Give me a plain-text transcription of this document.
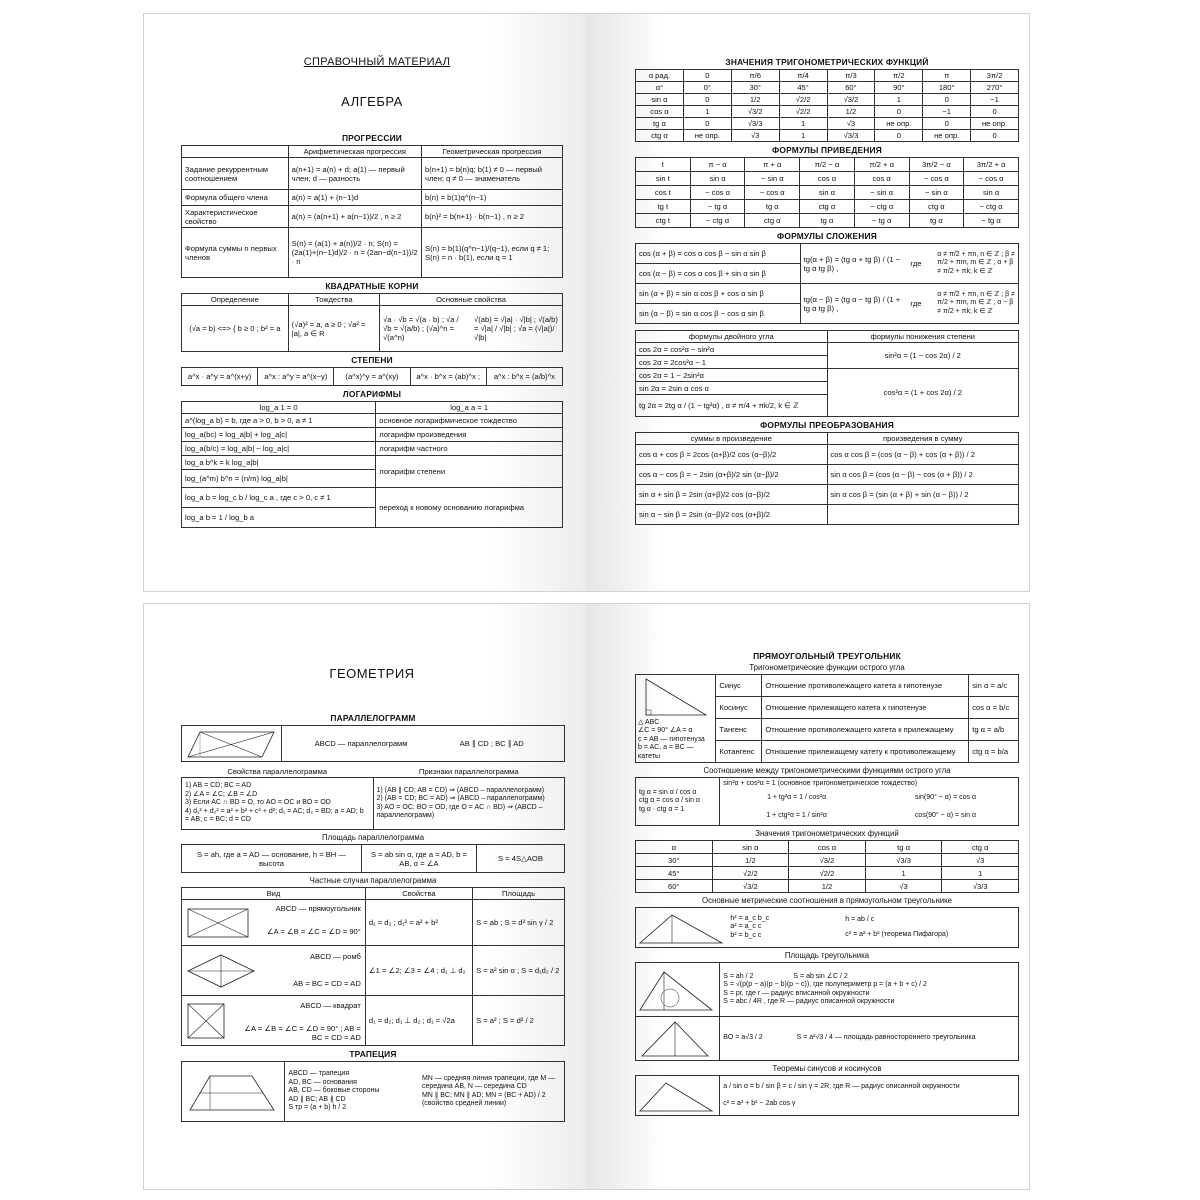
СПРАВОЧНЫЙ МАТЕРИАЛ
АЛГЕБРА
ПРОГРЕССИИ
	Арифметическая прогрессия	Геометрическая прогрессия
Задание рекуррентным соотношением	a(n+1) = a(n) + d; a(1) — первый член; d — разность	b(n+1) = b(n)q; b(1) ≠ 0 — первый член; q ≠ 0 — знаменатель
Формула общего члена	a(n) = a(1) + (n−1)d	b(n) = b(1)q^(n−1)
Характеристическое свойство	a(n) = (a(n+1) + a(n−1))/2 , n ≥ 2	b(n)² = b(n+1) · b(n−1) , n ≥ 2
Формула суммы n первых членов	S(n) = (a(1) + a(n))/2 · n; S(n) = (2a(1)+(n−1)d)/2 · n = (2an−d(n−1))/2 · n	S(n) = b(1)(q^n−1)/(q−1), если q ≠ 1; S(n) = n · b(1), если q = 1
КВАДРАТНЫЕ КОРНИ
Определение	Тождества	Основные свойства	
(√a = b) <=> { b ≥ 0 ; b² = a	(√a)² = a, a ≥ 0 ; √a² = |a|, a ∈ R	√a · √b = √(a · b) ; √a / √b = √(a/b) ; (√a)^n = √(a^n)	√(ab) = √|a| · √|b| ; √(a/b) = √|a| / √|b| ; √a = (√|a|)/√|b|
СТЕПЕНИ
a^x · a^y = a^(x+y)	a^x : a^y = a^(x−y)	(a^x)^y = a^(xy)	a^x · b^x = (ab)^x ;	a^x : b^x = (a/b)^x
ЛОГАРИФМЫ
log_a 1 = 0	log_a a = 1
a^(log_a b) = b, где a > 0, b > 0, a ≠ 1	основное логарифмическое тождество
log_a(bc) = log_a|b| + log_a|c|	логарифм произведения
log_a(b/c) = log_a|b| − log_a|c|	логарифм частного
log_a b^k = k log_a|b|	логарифм степени
log_(a^m) b^n = (n/m) log_a|b|	
log_a b = log_c b / log_c a , где c > 0, c ≠ 1	переход к новому основанию логарифма
log_a b = 1 / log_b a	
ЗНАЧЕНИЯ ТРИГОНОМЕТРИЧЕСКИХ ФУНКЦИЙ
α рад.	0	π/6	π/4	π/3	π/2	π	3π/2
α°	0°	30°	45°	60°	90°	180°	270°
sin α	0	1/2	√2/2	√3/2	1	0	−1
cos α	1	√3/2	√2/2	1/2	0	−1	0
tg α	0	√3/3	1	√3	не опр.	0	не опр.
ctg α	не опр.	√3	1	√3/3	0	не опр.	0
ФОРМУЛЫ ПРИВЕДЕНИЯ
t	π − α	π + α	π/2 − α	π/2 + α	3π/2 − α	3π/2 + α
sin t	sin α	− sin α	cos α	cos α	− cos α	− cos α
cos t	− cos α	− cos α	sin α	− sin α	− sin α	sin α
tg t	− tg α	tg α	ctg α	− ctg α	ctg α	− ctg α
ctg t	− ctg α	ctg α	tg α	− tg α	tg α	− tg α
ФОРМУЛЫ СЛОЖЕНИЯ
cos (α + β) = cos α cos β − sin α sin β	tg(α + β) = (tg α + tg β) / (1 − tg α tg β) ,	где	α ≠ π/2 + πn, n ∈ ℤ ; β ≠ π/2 + πm, m ∈ ℤ ; α + β ≠ π/2 + πk; k ∈ ℤ
cos (α − β) = cos α cos β + sin α sin β			
sin (α + β) = sin α cos β + cos α sin β	tg(α − β) = (tg α − tg β) / (1 + tg α tg β) ,	где	α ≠ π/2 + πn, n ∈ ℤ ; β ≠ π/2 + πm, m ∈ ℤ ; α − β ≠ π/2 + πk; k ∈ ℤ
sin (α − β) = sin α cos β − cos α sin β			
формулы двойного угла	формулы понижения степени
cos 2α = cos²α − sin²α	sin²α = (1 − cos 2α) / 2
cos 2α = 2cos²α − 1	
cos 2α = 1 − 2sin²α	cos²α = (1 + cos 2α) / 2
sin 2α = 2sin α cos α	
tg 2α = 2tg α / (1 − tg²α) , α ≠ π/4 + πk/2, k ∈ ℤ	
ФОРМУЛЫ ПРЕОБРАЗОВАНИЯ
суммы в произведение	произведения в сумму
cos α + cos β = 2cos (α+β)/2 cos (α−β)/2	cos α cos β = (cos (α − β) + cos (α + β)) / 2
cos α − cos β = − 2sin (α+β)/2 sin (α−β)/2	sin α cos β = (cos (α − β) − cos (α + β)) / 2
sin α + sin β = 2sin (α+β)/2 cos (α−β)/2	sin α cos β = (sin (α + β) + sin (α − β)) / 2
sin α − sin β = 2sin (α−β)/2 cos (α+β)/2	
ГЕОМЕТРИЯ
ПАРАЛЛЕЛОГРАММ
	ABCD — параллелограмм	AB ∥ CD ; BC ∥ AD
Свойства параллелограмма	Признаки параллелограмма
1) AB = CD; BC = AD
2) ∠A = ∠C; ∠B = ∠D
3) Если AC ∩ BD = O, то AO = OC и BO = OD
4) d₁² + d₂² = a² + b² + c² + d²; d₁ = AC; d₂ = BD; a = AD; b = AB; c = BC; d = CD	1) (AB ∥ CD; AB = CD) ⇒ (ABCD – параллелограмм)
2) (AB = CD; BC = AD) ⇒ (ABCD – параллелограмм)
3) AO = OC; BO = OD, где O = AC ∩ BD) ⇒ (ABCD – параллелограмм)
Площадь параллелограмма
S = ah, где a = AD — основание, h = BH — высота	S = ab sin α, где a = AD, b = AB, α = ∠A	S = 4S△AOB
Частные случаи параллелограмма
Вид	Свойства	Площадь

ABCD — прямоугольник
∠A = ∠B = ∠C = ∠D = 90°	d₁ = d₂ ; d₁² = a² + b²	S = ab ; S = d² sin γ / 2

ABCD — ромб
AB = BC = CD = AD	∠1 = ∠2; ∠3 = ∠4 ; d₁ ⊥ d₂	S = a² sin α ; S = d₁d₂ / 2

ABCD — квадрат
∠A = ∠B = ∠C = ∠D = 90° ; AB = BC = CD = AD	d₁ = d₂; d₁ ⊥ d₂ ; d₁ = √2a	S = a² ; S = d² / 2
ТРАПЕЦИЯ
	ABCD — трапеция
AD, BC — основания
AB, CD — боковые стороны
AD ∥ BC; AB ∦ CD
S тр = (a + b) h / 2	MN — средняя линия трапеции, где M — середина AB, N — середина CD
MN ∥ BC; MN ∥ AD; MN = (BC + AD) / 2
(свойство средней линии)
ПРЯМОУГОЛЬНЫЙ ТРЕУГОЛЬНИК
Тригонометрические функции острого угла
△ ABC
∠C = 90° ∠A = α
c = AB — гипотенуза
b = AC, a = BC — катеты	Синус	Отношение противолежащего катета к гипотенузе	sin α = a/c
	Косинус	Отношение прилежащего катета к гипотенузе	cos α = b/c
	Тангенс	Отношение противолежащего катета к прилежащему	tg α = a/b
	Котангенс	Отношение прилежащему катету к противолежащему	ctg α = b/a
Соотношение между тригонометрическими функциями острого угла
tg α = sin α / cos α
ctg α = cos α / sin α
tg α · ctg α = 1	sin²α + cos²α = 1 (основное тригонометрическое тождество)	
	1 + tg²α = 1 / cos²α	sin(90° − α) = cos α
	1 + ctg²α = 1 / sin²α	cos(90° − α) = sin α
Значения тригонометрических функций
α	sin α	cos α	tg α	ctg α
30°	1/2	√3/2	√3/3	√3
45°	√2/2	√2/2	1	1
60°	√3/2	1/2	√3	√3/3
Основные метрические соотношения в прямоугольном треугольнике

h² = a_c b_c
a² = a_c c
b² = b_c c

h = ab / c
c² = a² + b² (теорема Пифагора)
Площадь треугольника

S = ah / 2 S = ab sin ∠C / 2
S = √(p(p − a)(p − b)(p − c)), где полупериметр p = (a + b + c) / 2
S = pr, где r — радиус вписанной окружности
S = abc / 4R , где R — радиус описанной окружности

	BO = a√3 / 2 S = a²√3 / 4 — площадь равностороннего треугольника
Теоремы синусов и косинусов

a / sin α = b / sin β = c / sin γ = 2R, где R — радиус описанной окружности
c² = a² + b² − 2ab cos γ
